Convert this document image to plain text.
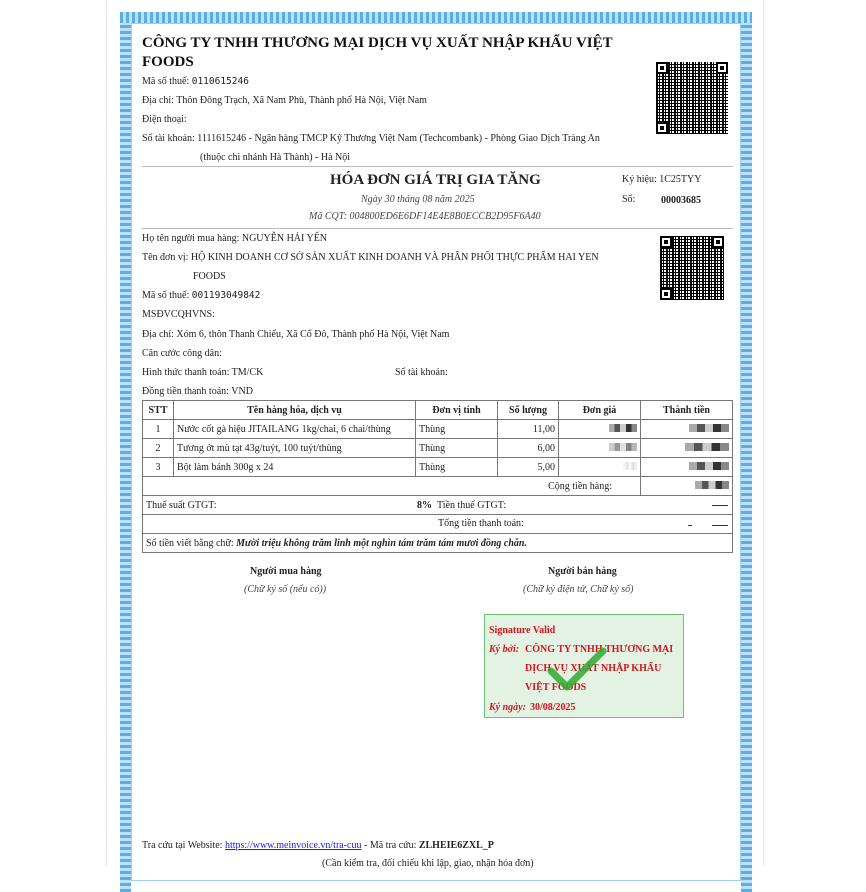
CÔNG TY TNHH THƯƠNG MẠI DỊCH VỤ XUẤT NHẬP KHẨU VIỆT
FOODS
Mã số thuế: 0110615246
Địa chỉ: Thôn Đông Trạch, Xã Nam Phù, Thành phố Hà Nội, Việt Nam
Điện thoại:
Số tài khoản: 1111615246 - Ngân hàng TMCP Kỹ Thương Việt Nam (Techcombank) - Phòng Giao Dịch Tràng An
(thuộc chi nhánh Hà Thành) - Hà Nội
HÓA ĐƠN GIÁ TRỊ GIA TĂNG
Ngày 30 tháng 08 năm 2025
Mã CQT: 004800ED6E6DF14E4E8B0ECCB2D95F6A40
Ký hiệu: 1C25TYY
Số:	00003685
Họ tên người mua hàng: NGUYỄN HẢI YẾN
Tên đơn vị: HỘ KINH DOANH CƠ SỞ SẢN XUẤT KINH DOANH VÀ PHÂN PHỐI THỰC PHẨM HAI YEN
FOODS
Mã số thuế: 001193049842
MSĐVCQHVNS:
Địa chỉ: Xóm 6, thôn Thanh Chiểu, Xã Cổ Đô, Thành phố Hà Nội, Việt Nam
Căn cước công dân:
Hình thức thanh toán: TM/CK	Số tài khoản:
Đồng tiền thanh toán: VND
STT	Tên hàng hóa, dịch vụ	Đơn vị tính	Số lượng	Đơn giá	Thành tiền
1	Nước cốt gà hiệu JITAILANG 1kg/chai, 6 chai/thùng	Thùng	11,00		
2	Tương ớt mù tạt 43g/tuýt, 100 tuýt/thùng	Thùng	6,00		
3	Bột làm bánh 300g x 24	Thùng	5,00		
Cộng tiền hàng:					
Thuế suất GTGT: 8% Tiền thuế GTGT:					

Tổng tiền thanh toán:					

Số tiền viết bằng chữ: Mười triệu không trăm linh một nghìn tám trăm tám mươi đồng chẵn.					
Người mua hàng
(Chữ ký số (nếu có))
Người bán hàng
(Chữ ký điện tử, Chữ ký số)
Signature Valid
Ký bởi: CÔNG TY TNHH THƯƠNG MẠI
DỊCH VỤ XUẤT NHẬP KHẨU
VIỆT FOODS
Ký ngày: 30/08/2025
Tra cứu tại Website: https://www.meinvoice.vn/tra-cuu - Mã tra cứu: ZLHEIE6ZXL_P
(Cần kiểm tra, đối chiếu khi lập, giao, nhận hóa đơn)
